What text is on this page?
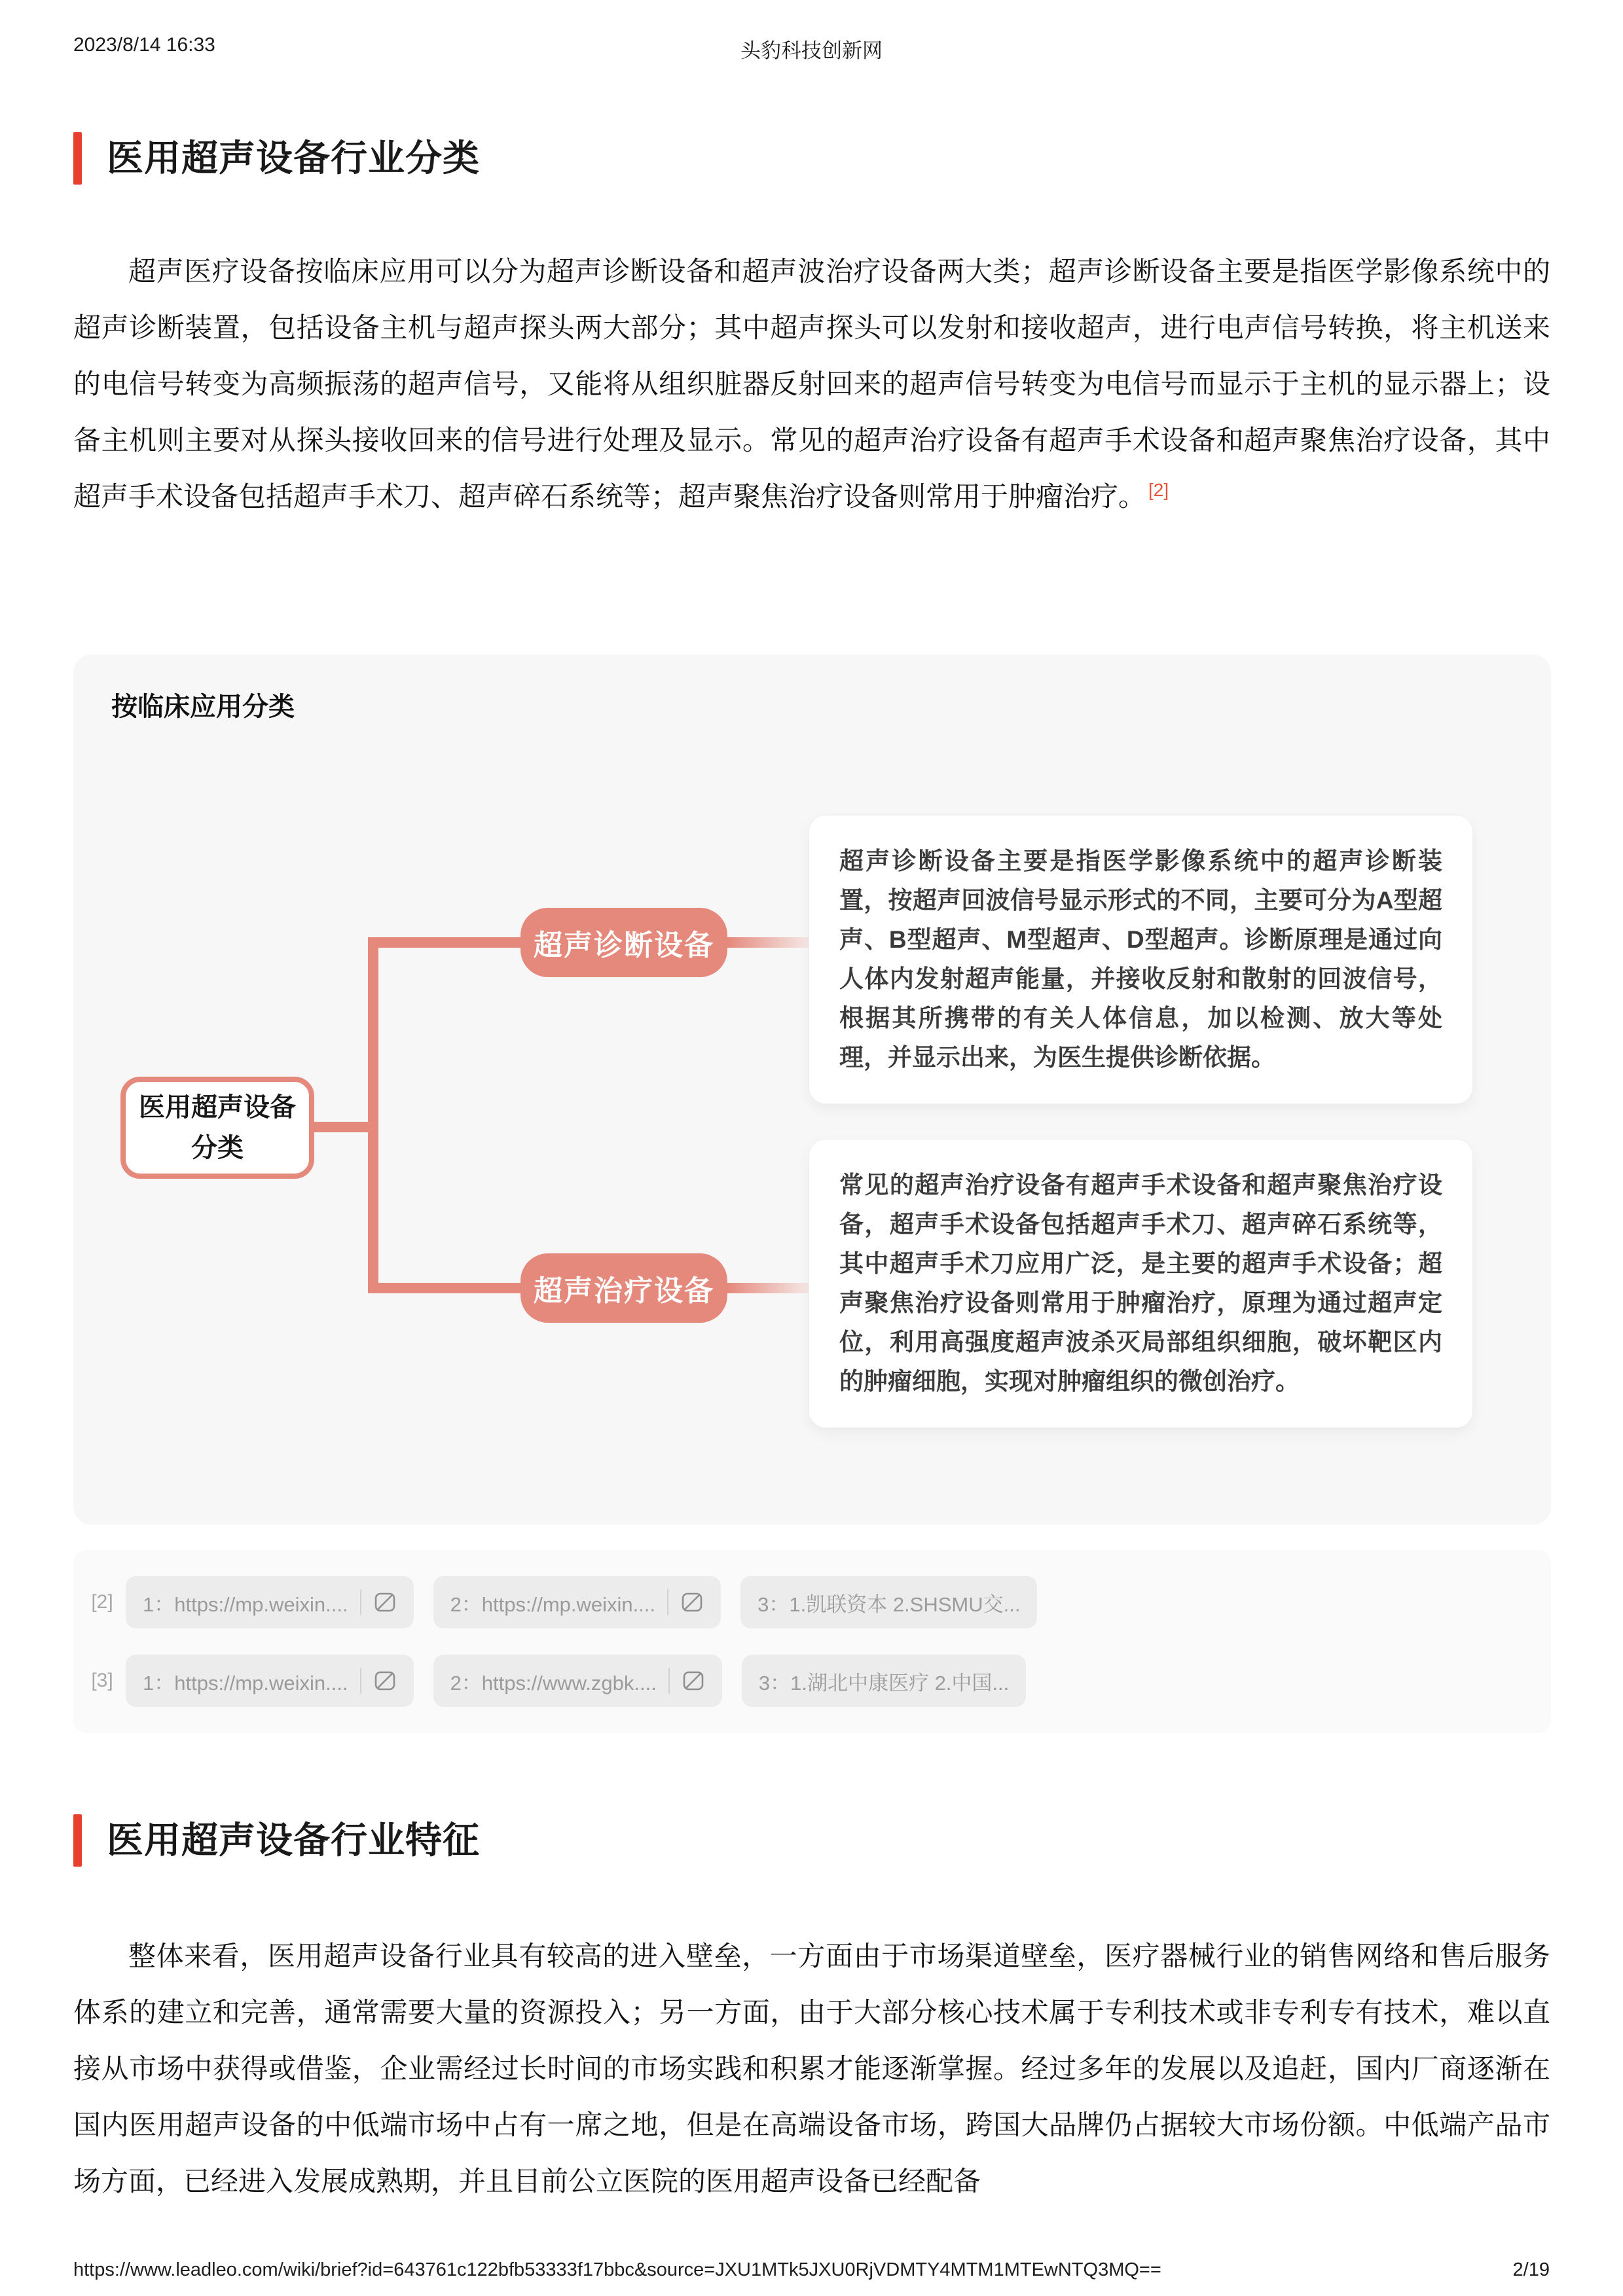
2023/8/14 16:33	头豹科技创新网
医用超声设备行业分类

超声医疗设备按临床应用可以分为超声诊断设备和超声波治疗设备两大类；超声诊断设备主要是指医学影像系统中的超声诊断装置，包括设备主机与超声探头两大部分；其中超声探头可以发射和接收超声，进行电声信号转换，将主机送来的电信号转变为高频振荡的超声信号，又能将从组织脏器反射回来的超声信号转变为电信号而显示于主机的显示器上；设备主机则主要对从探头接收回来的信号进行处理及显示。常见的超声治疗设备有超声手术设备和超声聚焦治疗设备，其中超声手术设备包括超声手术刀、超声碎石系统等；超声聚焦治疗设备则常用于肿瘤治疗。 [2]

按临床应用分类
医用超声设备分类
超声诊断设备
超声治疗设备
超声诊断设备主要是指医学影像系统中的超声诊断装置，按超声回波信号显示形式的不同，主要可分为A型超声、B型超声、M型超声、D型超声。诊断原理是通过向人体内发射超声能量，并接收反射和散射的回波信号，根据其所携带的有关人体信息，加以检测、放大等处理，并显示出来，为医生提供诊断依据。
常见的超声治疗设备有超声手术设备和超声聚焦治疗设备，超声手术设备包括超声手术刀、超声碎石系统等，其中超声手术刀应用广泛，是主要的超声手术设备；超声聚焦治疗设备则常用于肿瘤治疗，原理为通过超声定位，利用高强度超声波杀灭局部组织细胞，破坏靶区内的肿瘤细胞，实现对肿瘤组织的微创治疗。
[2]	1：https://mp.weixin....	2：https://mp.weixin....	3：1.凯联资本 2.SHSMU交...
[3]	1：https://mp.weixin....	2：https://www.zgbk....	3：1.湖北中康医疗 2.中国...
医用超声设备行业特征

整体来看，医用超声设备行业具有较高的进入壁垒，一方面由于市场渠道壁垒，医疗器械行业的销售网络和售后服务体系的建立和完善，通常需要大量的资源投入；另一方面，由于大部分核心技术属于专利技术或非专利专有技术，难以直接从市场中获得或借鉴，企业需经过长时间的市场实践和积累才能逐渐掌握。经过多年的发展以及追赶，国内厂商逐渐在国内医用超声设备的中低端市场中占有一席之地，但是在高端设备市场，跨国大品牌仍占据较大市场份额。中低端产品市场方面，已经进入发展成熟期，并且目前公立医院的医用超声设备已经配备

https://www.leadleo.com/wiki/brief?id=643761c122bfb53333f17bbc&source=JXU1MTk5JXU0RjVDMTY4MTM1MTEwNTQ3MQ==	2/19
